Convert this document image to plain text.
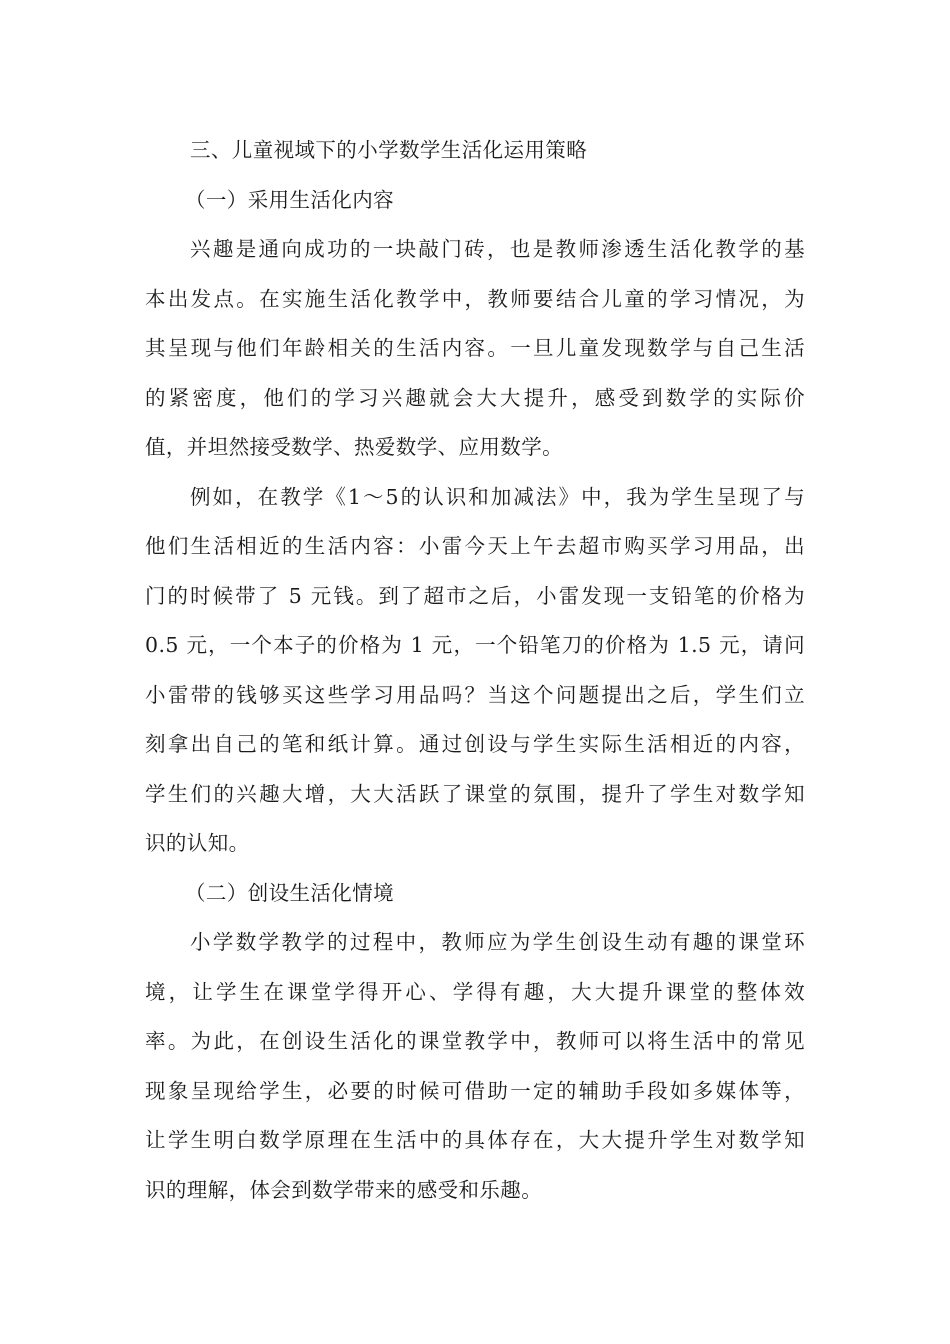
三、儿童视域下的小学数学生活化运用策略
（一）采用生活化内容
兴趣是通向成功的一块敲门砖，也是教师渗透生活化教学的基
本出发点。在实施生活化教学中，教师要结合儿童的学习情况，为
其呈现与他们年龄相关的生活内容。一旦儿童发现数学与自己生活
的紧密度，他们的学习兴趣就会大大提升，感受到数学的实际价
值，并坦然接受数学、热爱数学、应用数学。
例如，在教学《1～5的认识和加减法》中，我为学生呈现了与
他们生活相近的生活内容：小雷今天上午去超市购买学习用品，出
门的时候带了 5 元钱。到了超市之后，小雷发现一支铅笔的价格为
0.5 元，一个本子的价格为 1 元，一个铅笔刀的价格为 1.5 元，请问
小雷带的钱够买这些学习用品吗？当这个问题提出之后，学生们立
刻拿出自己的笔和纸计算。通过创设与学生实际生活相近的内容，
学生们的兴趣大增，大大活跃了课堂的氛围，提升了学生对数学知
识的认知。
（二）创设生活化情境
小学数学教学的过程中，教师应为学生创设生动有趣的课堂环
境，让学生在课堂学得开心、学得有趣，大大提升课堂的整体效
率。为此，在创设生活化的课堂教学中，教师可以将生活中的常见
现象呈现给学生，必要的时候可借助一定的辅助手段如多媒体等，
让学生明白数学原理在生活中的具体存在，大大提升学生对数学知
识的理解，体会到数学带来的感受和乐趣。
